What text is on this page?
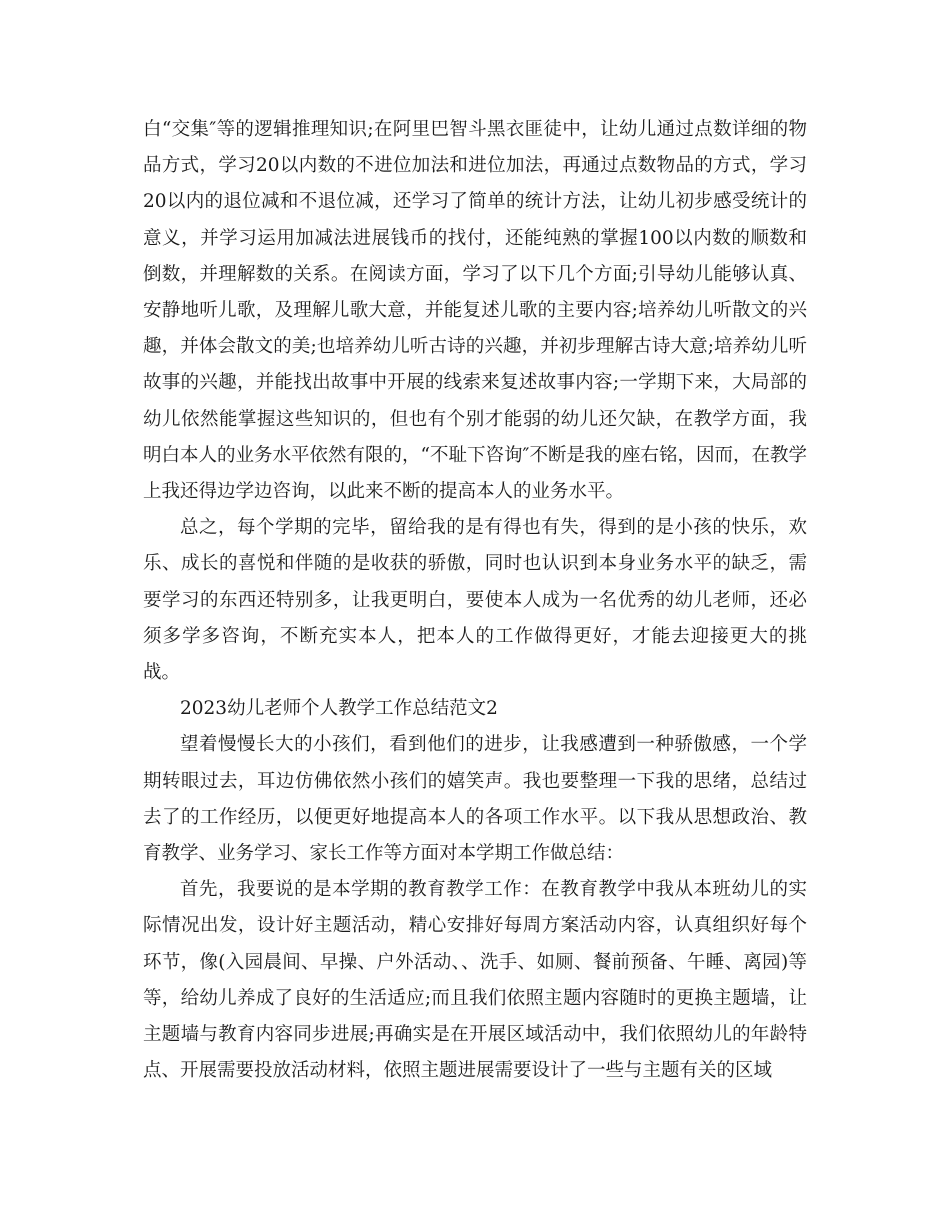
白“交集″等的逻辑推理知识;在阿里巴智斗黑衣匪徒中，让幼儿通过点数详细的物品方式，学习20以内数的不进位加法和进位加法，再通过点数物品的方式，学习20以内的退位减和不退位减，还学习了简单的统计方法，让幼儿初步感受统计的意义，并学习运用加减法进展钱币的找付，还能纯熟的掌握100以内数的顺数和倒数，并理解数的关系。在阅读方面，学习了以下几个方面;引导幼儿能够认真、安静地听儿歌，及理解儿歌大意，并能复述儿歌的主要内容;培养幼儿听散文的兴趣，并体会散文的美;也培养幼儿听古诗的兴趣，并初步理解古诗大意;培养幼儿听故事的兴趣，并能找出故事中开展的线索来复述故事内容;一学期下来，大局部的幼儿依然能掌握这些知识的，但也有个别才能弱的幼儿还欠缺，在教学方面，我明白本人的业务水平依然有限的，“不耻下咨询″不断是我的座右铭，因而，在教学上我还得边学边咨询，以此来不断的提高本人的业务水平。

总之，每个学期的完毕，留给我的是有得也有失，得到的是小孩的快乐，欢乐、成长的喜悦和伴随的是收获的骄傲，同时也认识到本身业务水平的缺乏，需要学习的东西还特别多，让我更明白，要使本人成为一名优秀的幼儿老师，还必须多学多咨询，不断充实本人，把本人的工作做得更好，才能去迎接更大的挑战。

2023幼儿老师个人教学工作总结范文2

望着慢慢长大的小孩们，看到他们的进步，让我感遭到一种骄傲感，一个学期转眼过去，耳边仿佛依然小孩们的嬉笑声。我也要整理一下我的思绪，总结过去了的工作经历，以便更好地提高本人的各项工作水平。以下我从思想政治、教育教学、业务学习、家长工作等方面对本学期工作做总结：

首先，我要说的是本学期的教育教学工作：在教育教学中我从本班幼儿的实际情况出发，设计好主题活动，精心安排好每周方案活动内容，认真组织好每个环节，像(入园晨间、早操、户外活动、、洗手、如厕、餐前预备、午睡、离园)等等，给幼儿养成了良好的生活适应;而且我们依照主题内容随时的更换主题墙，让主题墙与教育内容同步进展;再确实是在开展区域活动中，我们依照幼儿的年龄特点、开展需要投放活动材料，依照主题进展需要设计了一些与主题有关的区域
